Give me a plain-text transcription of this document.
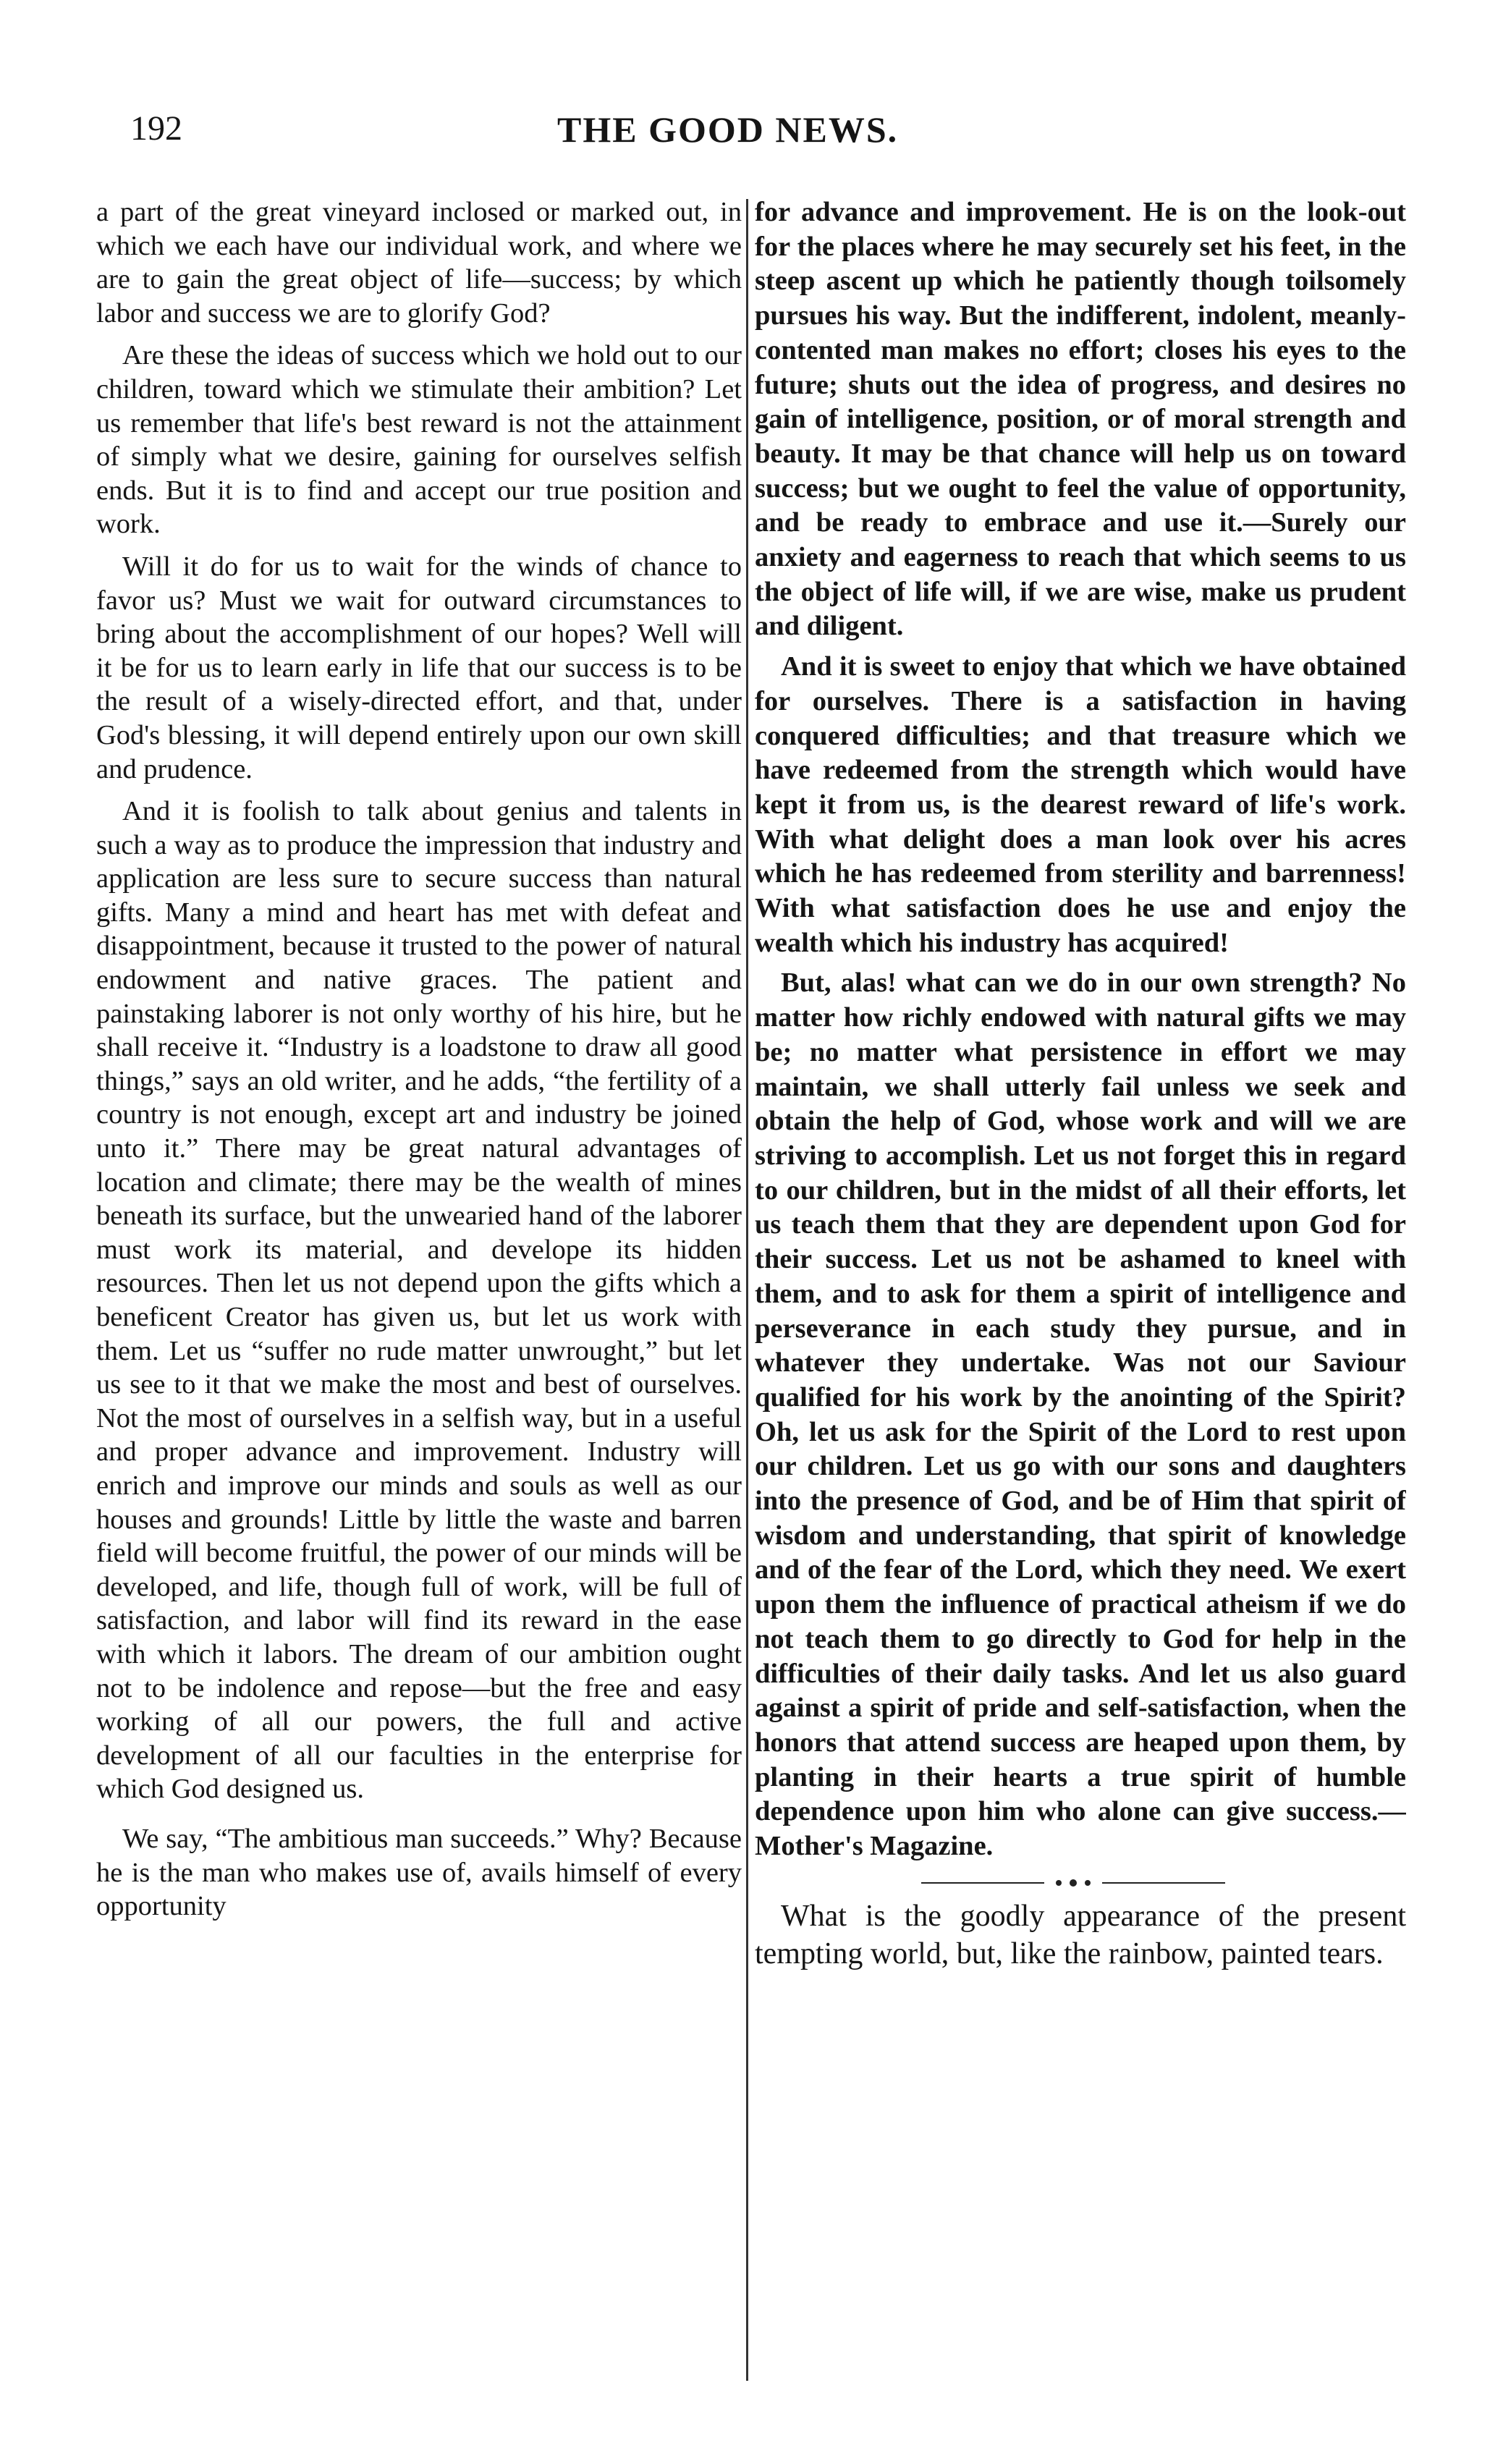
192	THE GOOD NEWS.

a part of the great vineyard inclosed or marked out, in which we each have our individual work, and where we are to gain the great object of life—success; by which labor and success we are to glorify God?

Are these the ideas of success which we hold out to our children, toward which we stimulate their ambition? Let us remember that life's best reward is not the attainment of simply what we desire, gaining for ourselves selfish ends. But it is to find and accept our true position and work.

Will it do for us to wait for the winds of chance to favor us? Must we wait for outward circumstances to bring about the accomplishment of our hopes? Well will it be for us to learn early in life that our success is to be the result of a wisely-directed effort, and that, under God's blessing, it will depend entirely upon our own skill and prudence.

And it is foolish to talk about genius and talents in such a way as to produce the impression that industry and application are less sure to secure success than natural gifts. Many a mind and heart has met with defeat and disappointment, because it trusted to the power of natural endowment and native graces. The patient and painstaking laborer is not only worthy of his hire, but he shall receive it. “Industry is a loadstone to draw all good things,” says an old writer, and he adds, “the fertility of a country is not enough, except art and industry be joined unto it.” There may be great natural advantages of location and climate; there may be the wealth of mines beneath its surface, but the unwearied hand of the laborer must work its material, and develope its hidden resources. Then let us not depend upon the gifts which a beneficent Creator has given us, but let us work with them. Let us “suffer no rude matter unwrought,” but let us see to it that we make the most and best of ourselves. Not the most of ourselves in a selfish way, but in a useful and proper advance and improvement. Industry will enrich and improve our minds and souls as well as our houses and grounds! Little by little the waste and barren field will become fruitful, the power of our minds will be developed, and life, though full of work, will be full of satisfaction, and labor will find its reward in the ease with which it labors. The dream of our ambition ought not to be indolence and repose—but the free and easy working of all our powers, the full and active development of all our faculties in the enterprise for which God designed us.

We say, “The ambitious man succeeds.” Why? Because he is the man who makes use of, avails himself of every opportunity

for advance and improvement. He is on the look-out for the places where he may securely set his feet, in the steep ascent up which he patiently though toilsomely pursues his way. But the indifferent, indolent, meanly-contented man makes no effort; closes his eyes to the future; shuts out the idea of progress, and desires no gain of intelligence, position, or of moral strength and beauty. It may be that chance will help us on toward success; but we ought to feel the value of opportunity, and be ready to embrace and use it.—Surely our anxiety and eagerness to reach that which seems to us the object of life will, if we are wise, make us prudent and diligent.

And it is sweet to enjoy that which we have obtained for ourselves. There is a satisfaction in having conquered difficulties; and that treasure which we have redeemed from the strength which would have kept it from us, is the dearest reward of life's work. With what delight does a man look over his acres which he has redeemed from sterility and barrenness! With what satisfaction does he use and enjoy the wealth which his industry has acquired!

But, alas! what can we do in our own strength? No matter how richly endowed with natural gifts we may be; no matter what persistence in effort we may maintain, we shall utterly fail unless we seek and obtain the help of God, whose work and will we are striving to accomplish. Let us not forget this in regard to our children, but in the midst of all their efforts, let us teach them that they are dependent upon God for their success. Let us not be ashamed to kneel with them, and to ask for them a spirit of intelligence and perseverance in each study they pursue, and in whatever they undertake. Was not our Saviour qualified for his work by the anointing of the Spirit? Oh, let us ask for the Spirit of the Lord to rest upon our children. Let us go with our sons and daughters into the presence of God, and be of Him that spirit of wisdom and understanding, that spirit of knowledge and of the fear of the Lord, which they need. We exert upon them the influence of practical atheism if we do not teach them to go directly to God for help in the difficulties of their daily tasks. And let us also guard against a spirit of pride and self-satisfaction, when the honors that attend success are heaped upon them, by planting in their hearts a true spirit of humble dependence upon him who alone can give success.—Mother's Magazine.

What is the goodly appearance of the present tempting world, but, like the rainbow, painted tears.
